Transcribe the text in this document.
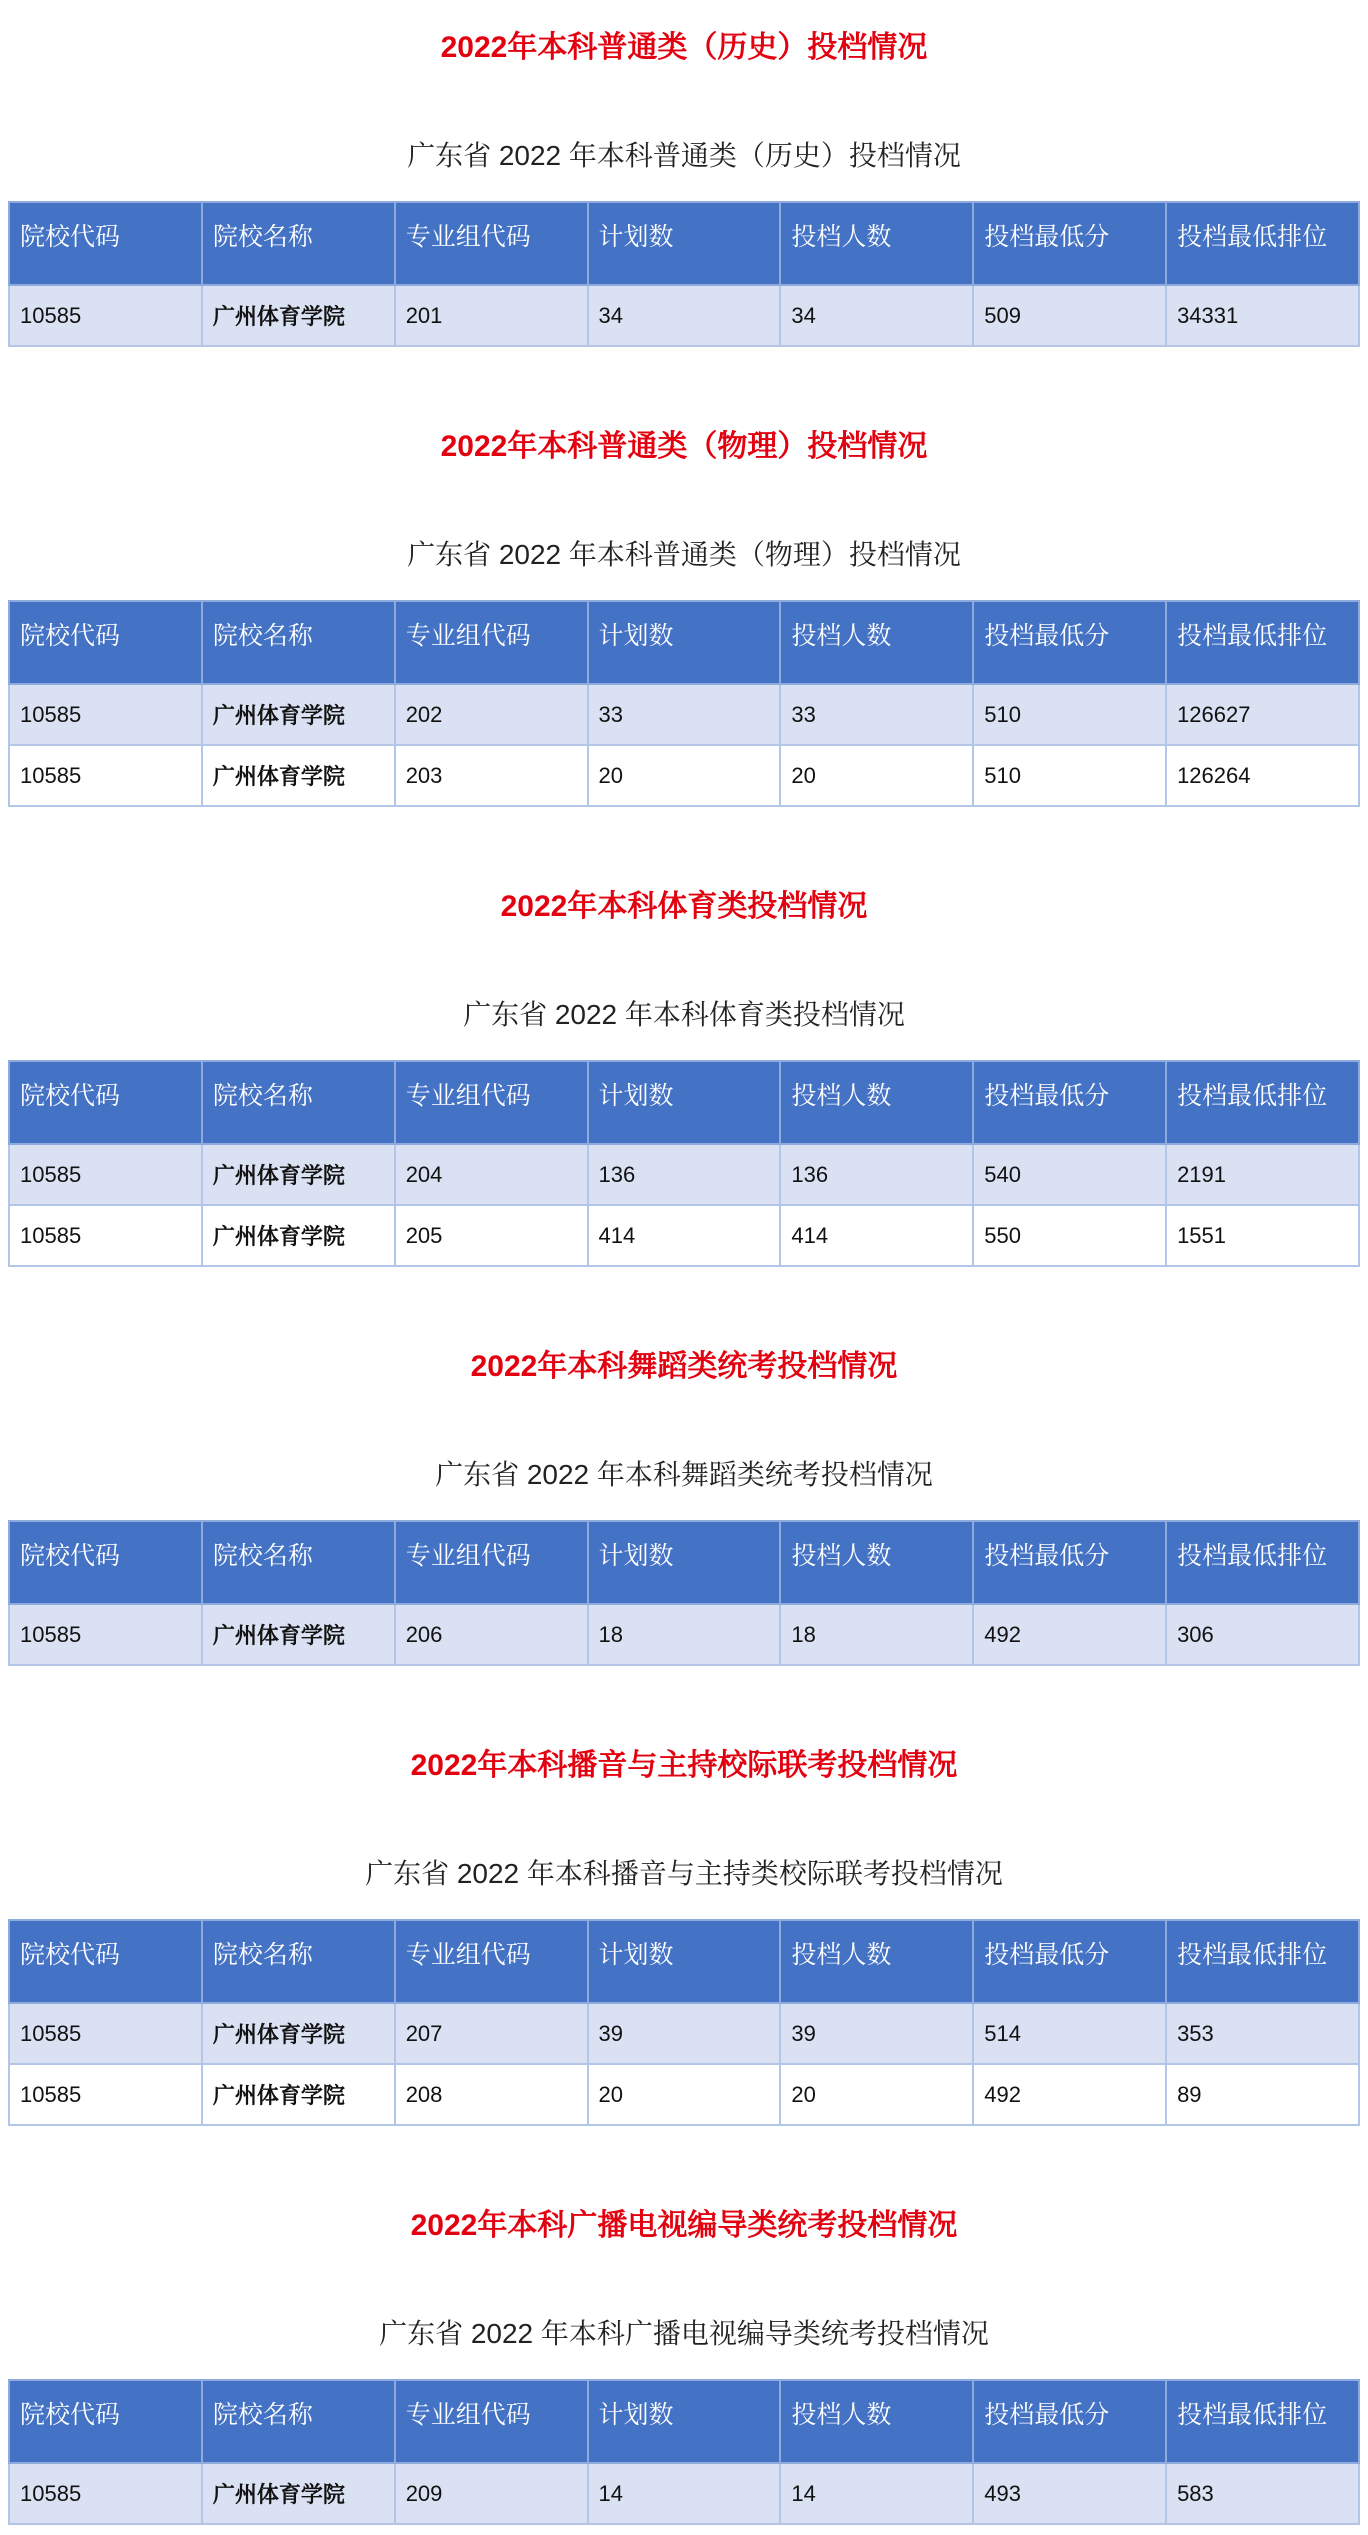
2022年本科普通类（历史）投档情况
广东省 2022 年本科普通类（历史）投档情况
院校代码	院校名称	专业组代码	计划数	投档人数	投档最低分	投档最低排位
10585	广州体育学院	201	34	34	509	34331
2022年本科普通类（物理）投档情况
广东省 2022 年本科普通类（物理）投档情况
院校代码	院校名称	专业组代码	计划数	投档人数	投档最低分	投档最低排位
10585	广州体育学院	202	33	33	510	126627
10585	广州体育学院	203	20	20	510	126264
2022年本科体育类投档情况
广东省 2022 年本科体育类投档情况
院校代码	院校名称	专业组代码	计划数	投档人数	投档最低分	投档最低排位
10585	广州体育学院	204	136	136	540	2191
10585	广州体育学院	205	414	414	550	1551
2022年本科舞蹈类统考投档情况
广东省 2022 年本科舞蹈类统考投档情况
院校代码	院校名称	专业组代码	计划数	投档人数	投档最低分	投档最低排位
10585	广州体育学院	206	18	18	492	306
2022年本科播音与主持校际联考投档情况
广东省 2022 年本科播音与主持类校际联考投档情况
院校代码	院校名称	专业组代码	计划数	投档人数	投档最低分	投档最低排位
10585	广州体育学院	207	39	39	514	353
10585	广州体育学院	208	20	20	492	89
2022年本科广播电视编导类统考投档情况
广东省 2022 年本科广播电视编导类统考投档情况
院校代码	院校名称	专业组代码	计划数	投档人数	投档最低分	投档最低排位
10585	广州体育学院	209	14	14	493	583
